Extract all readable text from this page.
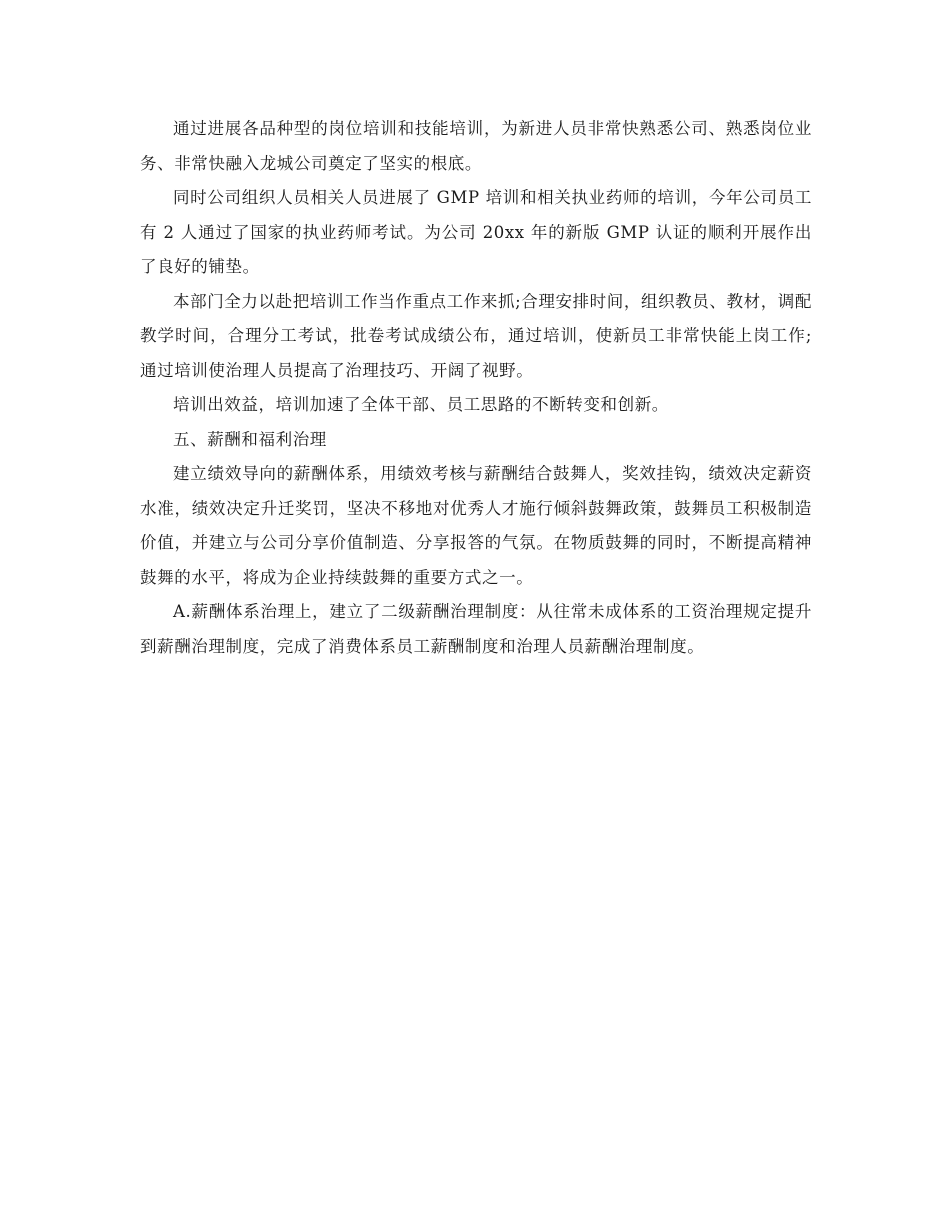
通过进展各品种型的岗位培训和技能培训，为新进人员非常快熟悉公司、熟悉岗位业务、非常快融入龙城公司奠定了坚实的根底。

同时公司组织人员相关人员进展了 GMP 培训和相关执业药师的培训，今年公司员工有 2 人通过了国家的执业药师考试。为公司 20xx 年的新版 GMP 认证的顺利开展作出了良好的铺垫。

本部门全力以赴把培训工作当作重点工作来抓;合理安排时间，组织教员、教材，调配教学时间，合理分工考试，批卷考试成绩公布，通过培训，使新员工非常快能上岗工作;通过培训使治理人员提高了治理技巧、开阔了视野。

培训出效益，培训加速了全体干部、员工思路的不断转变和创新。

五、薪酬和福利治理

建立绩效导向的薪酬体系，用绩效考核与薪酬结合鼓舞人，奖效挂钩，绩效决定薪资水准，绩效决定升迁奖罚，坚决不移地对优秀人才施行倾斜鼓舞政策，鼓舞员工积极制造价值，并建立与公司分享价值制造、分享报答的气氛。在物质鼓舞的同时，不断提高精神鼓舞的水平，将成为企业持续鼓舞的重要方式之一。

A.薪酬体系治理上，建立了二级薪酬治理制度：从往常未成体系的工资治理规定提升到薪酬治理制度，完成了消费体系员工薪酬制度和治理人员薪酬治理制度。
